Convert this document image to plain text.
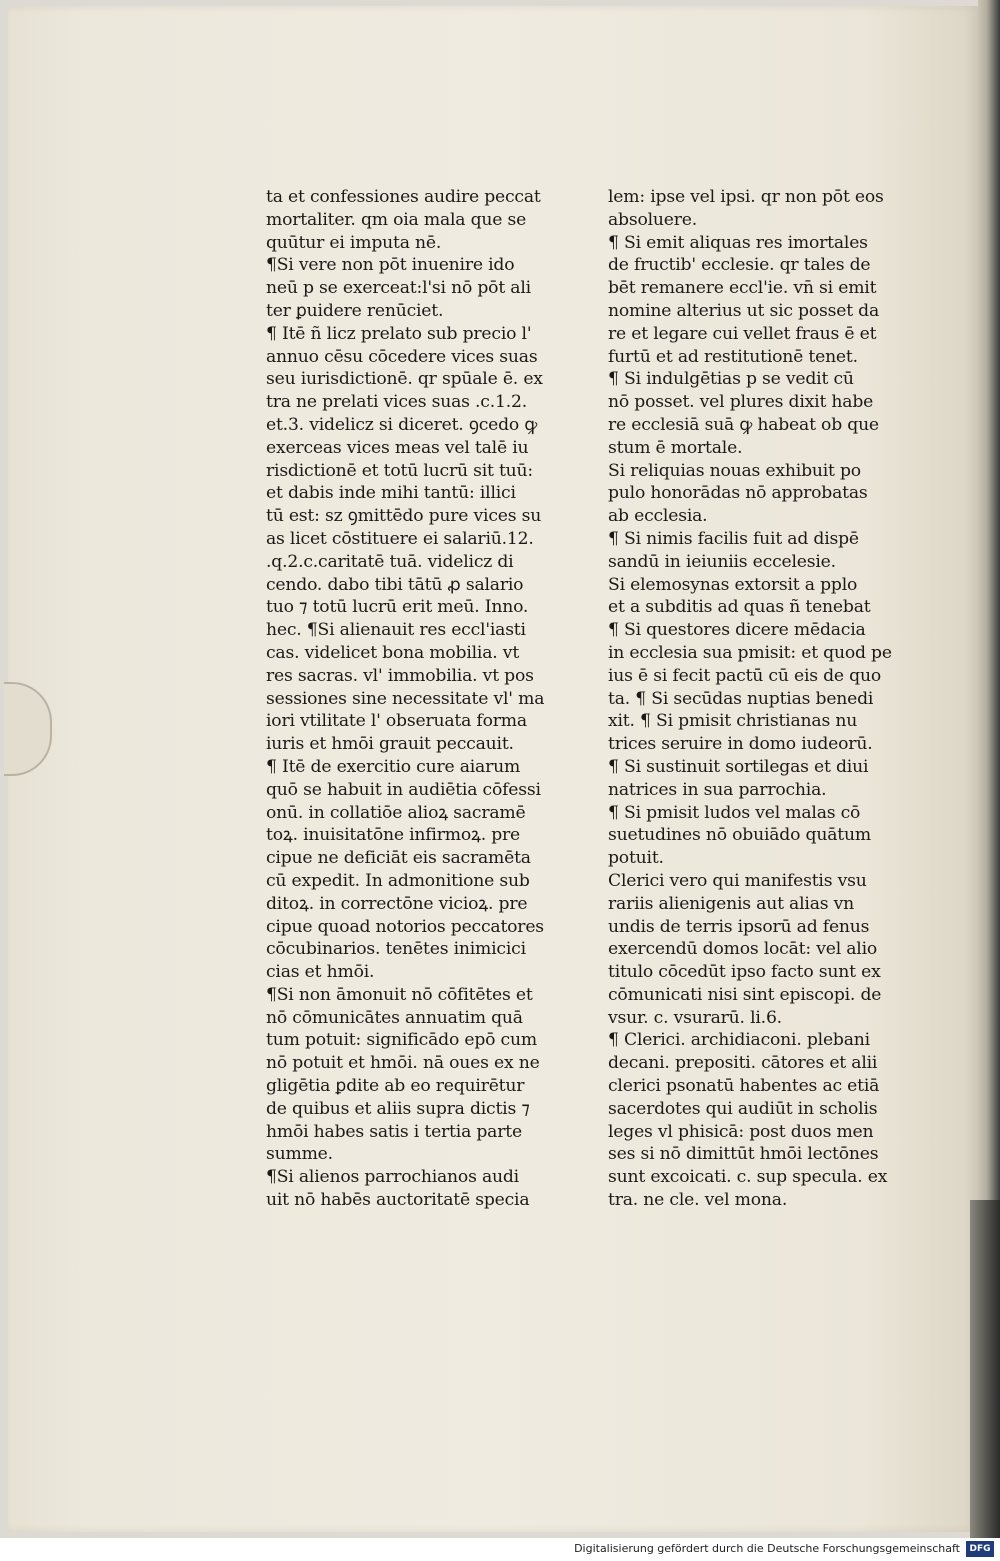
ta et confessiones audire peccat
mortaliter. qm oia mala que se
quūtur ei imputa nē.
¶Si vere non pōt inuenire ido
neū p se exerceat:l'si nō pōt ali
ter ꝑuidere renūciet.
¶ Itē ñ licz prelato sub precio l'
annuo cēsu cōcedere vices suas
seu iurisdictionē. qr spūale ē. ex
tra ne prelati vices suas .c.1.2.
et.3. videlicz si diceret. ꝯcedo ꝙ
exerceas vices meas vel talē iu
risdictionē et totū lucrū sit tuū:
et dabis inde mihi tantū: illici
tū est: sz ꝯmittēdo pure vices su
as licet cōstituere ei salariū.12.
.q.2.c.caritatē tuā. videlicz di
cendo. dabo tibi tātū ꝓ salario
tuo ⁊ totū lucrū erit meū. Inno.
hec. ¶Si alienauit res eccl'iasti
cas. videlicet bona mobilia. vt
res sacras. vl' immobilia. vt pos
sessiones sine necessitate vl' ma
iori vtilitate l' obseruata forma
iuris et hmōi grauit peccauit.
¶ Itē de exercitio cure aiarum
quō se habuit in audiētia cōfessi
onū. in collatiōe alioꝝ sacramē
toꝝ. inuisitatōne infirmoꝝ. pre
cipue ne deficiāt eis sacramēta
cū expedit. In admonitione sub
ditoꝝ. in correctōne vicioꝝ. pre
cipue quoad notorios peccatores
cōcubinarios. tenētes inimicici
cias et hmōi.
¶Si non āmonuit nō cōfitētes et
nō cōmunicātes annuatim quā
tum potuit: significādo epō cum
nō potuit et hmōi. nā oues ex ne
gligētia ꝑdite ab eo requirētur
de quibus et aliis supra dictis ⁊
hmōi habes satis i tertia parte
summe.
¶Si alienos parrochianos audi
uit nō habēs auctoritatē specia
lem: ipse vel ipsi. qr non pōt eos
absoluere.
¶ Si emit aliquas res imortales
de fructib' ecclesie. qr tales de
bēt remanere eccl'ie. vn̄ si emit
nomine alterius ut sic posset da
re et legare cui vellet fraus ē et
furtū et ad restitutionē tenet.
¶ Si indulgētias p se vedit cū
nō posset. vel plures dixit habe
re ecclesiā suā ꝙ habeat ob que
stum ē mortale.
Si reliquias nouas exhibuit po
pulo honorādas nō approbatas
ab ecclesia.
¶ Si nimis facilis fuit ad dispē
sandū in ieiuniis eccelesie.
Si elemosynas extorsit a pplo
et a subditis ad quas ñ tenebat
¶ Si questores dicere mēdacia
in ecclesia sua pmisit: et quod pe
ius ē si fecit pactū cū eis de quo
ta. ¶ Si secūdas nuptias benedi
xit. ¶ Si pmisit christianas nu
trices seruire in domo iudeorū.
¶ Si sustinuit sortilegas et diui
natrices in sua parrochia.
¶ Si pmisit ludos vel malas cō
suetudines nō obuiādo quātum
potuit.
Clerici vero qui manifestis vsu
rariis alienigenis aut alias vn
undis de terris ipsorū ad fenus
exercendū domos locāt: vel alio
titulo cōcedūt ipso facto sunt ex
cōmunicati nisi sint episcopi. de
vsur. c. vsurarū. li.6.
¶ Clerici. archidiaconi. plebani
decani. prepositi. cātores et alii
clerici psonatū habentes ac etiā
sacerdotes qui audiūt in scholis
leges vl phisicā: post duos men
ses si nō dimittūt hmōi lectōnes
sunt excoicati. c. sup specula. ex
tra. ne cle. vel mona.
Digitalisierung gefördert durch die Deutsche Forschungsgemeinschaft	DFG
